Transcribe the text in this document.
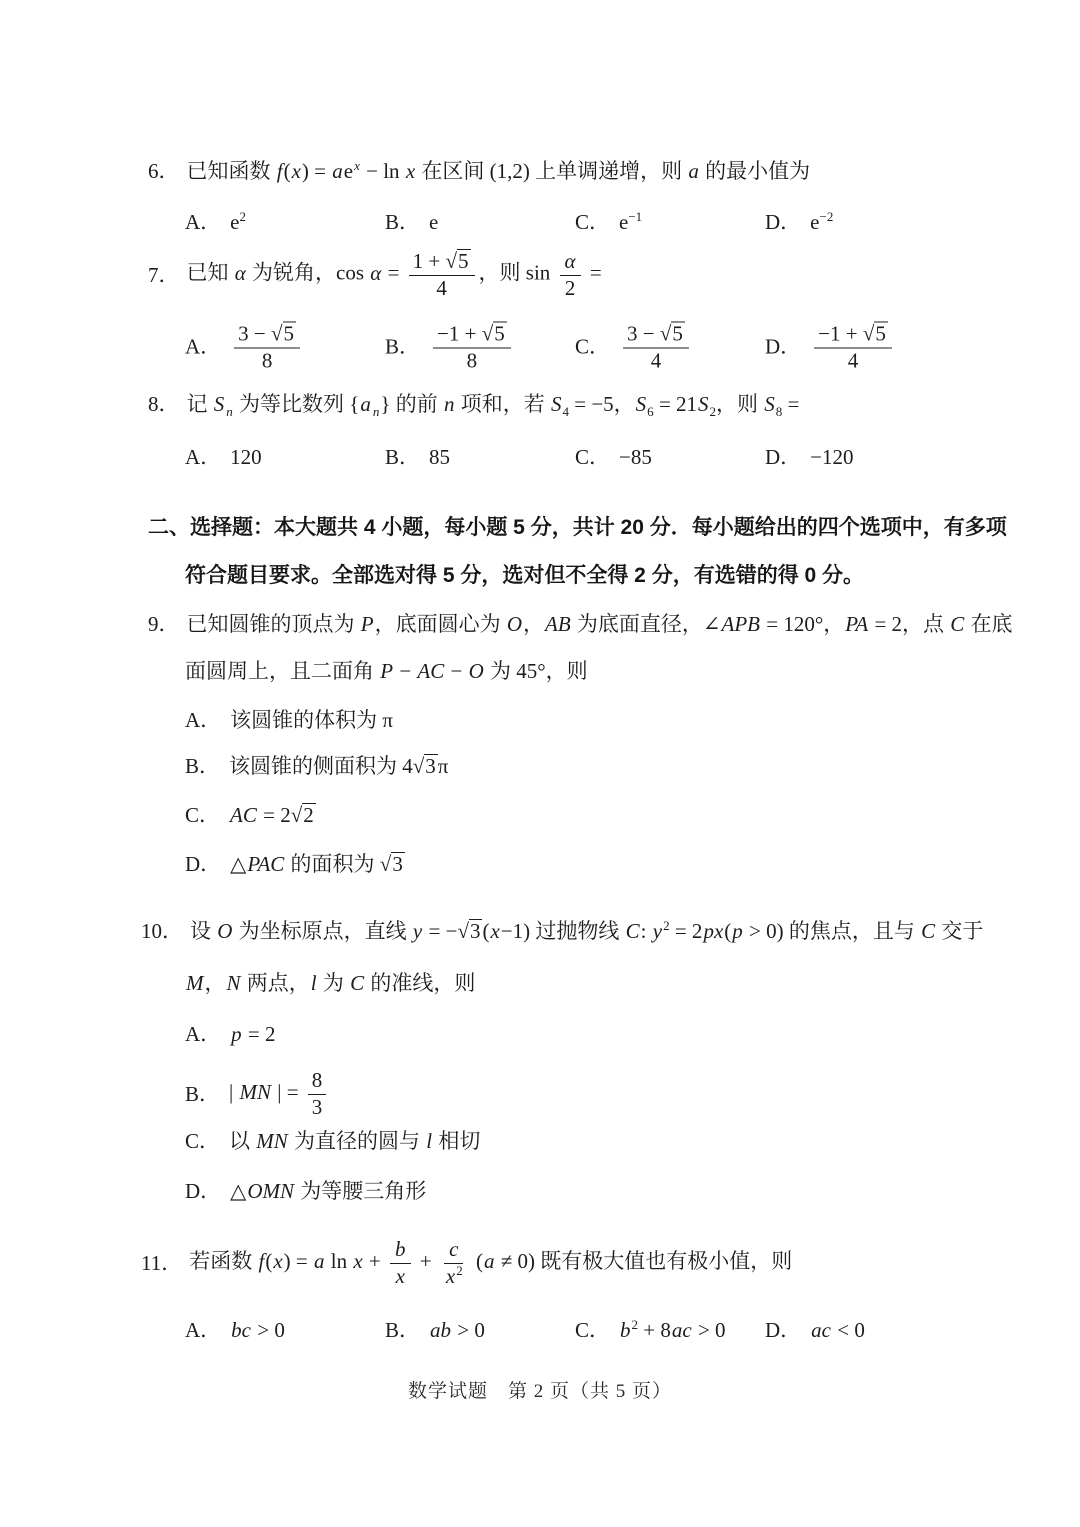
6． 已知函数 $f(x) = ae^x - \ln x$ 在区间 (1,2) 上单调递增，则 a 的最小值为
A． $e^2$	B． e	C． $e^{-1}$	D． $e^{-2}$
7． 已知 α 为锐角，$\cos \alpha = \frac{1 + √5}{4}$ ，则 $\sin \frac{\alpha}{2}$ =
A． $\frac{3 - √5}{8}$	B． $\frac{-1 + √5}{8}$	C． $\frac{3 - √5}{4}$	D． $\frac{-1 + √5}{4}$
8． 记 S $_n$ 为等比数列 {a $_n$} 的前 n 项和，若 $S_4 = -5$，$S_6 = 21S_2$，则 $S_8$ =
A． 120	B． 85	C． −85	D． −120
二、选择题：本大题共 4 小题，每小题 5 分，共计 20 分．每小题给出的四个选项中，有多项
符合题目要求。全部选对得 5 分，选对但不全得 2 分，有选错的得 0 分。
9． 已知圆锥的顶点为 P，底面圆心为 O，AB 为底面直径，∠APB = 120°，PA = 2，点 C 在底
面圆周上，且二面角 P − AC − O 为 45°，则
A． 该圆锥的体积为 π
B． 该圆锥的侧面积为 4√3π
C． AC = 2√2
D． △PAC 的面积为 √3
10． 设 O 为坐标原点，直线 y = −√3(x−1) 过抛物线 C: $y^2 = 2px(p > 0)$ 的焦点，且与 C 交于
M，N 两点，l 为 C 的准线，则
A． p = 2
B． | MN | = $\frac{8}{3}$
C． 以 MN 为直径的圆与 l 相切
D． △OMN 为等腰三角形
11． 若函数 f(x) = a $\ln x + \frac{b}{x} + \frac{c}{x^2} (a \ne 0)$ 既有极大值也有极小值，则
A． bc > 0	B． ab > 0	C． $b^2 + 8ac > 0$ D． ac < 0
数学试题　第 2 页（共 5 页）
